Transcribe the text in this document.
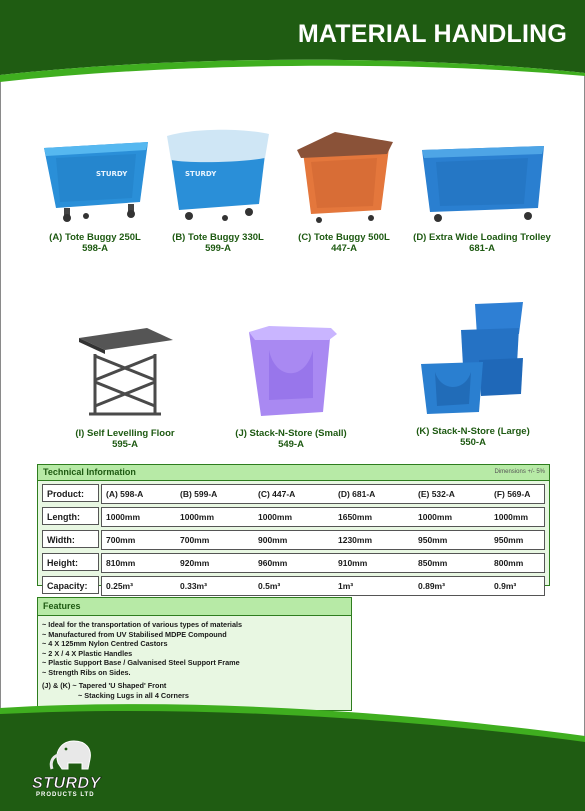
MATERIAL HANDLING
STURDY
(A) Tote Buggy 250L
598-A
STURDY
(B) Tote Buggy 330L
599-A
(C) Tote Buggy 500L
447-A
(D) Extra Wide Loading Trolley
681-A
(I) Self Levelling Floor
595-A
(J) Stack-N-Store (Small)
549-A
(K) Stack-N-Store (Large)
550-A
Technical Information	Dimensions +/- 5%
Product:	(A) 598-A	(B) 599-A	(C) 447-A	(D) 681-A	(E) 532-A	(F) 569-A
Length:	1000mm	1000mm	1000mm	1650mm	1000mm	1000mm
Width:	700mm	700mm	900mm	1230mm	950mm	950mm
Height:	810mm	920mm	960mm	910mm	850mm	800mm
Capacity:	0.25m³	0.33m³	0.5m³	1m³	0.89m³	0.9m³
Features
~ Ideal for the transportation of various types of materials
~ Manufactured from UV Stabilised MDPE Compound
~ 4 X 125mm Nylon Centred Castors
~ 2 X / 4 X Plastic Handles
~ Plastic Support Base / Galvanised Steel Support Frame
~ Strength Ribs on Sides.
(J) & (K) ~ Tapered 'U Shaped' Front
~ Stacking Lugs in all 4 Corners
STURDY
PRODUCTS LTD
